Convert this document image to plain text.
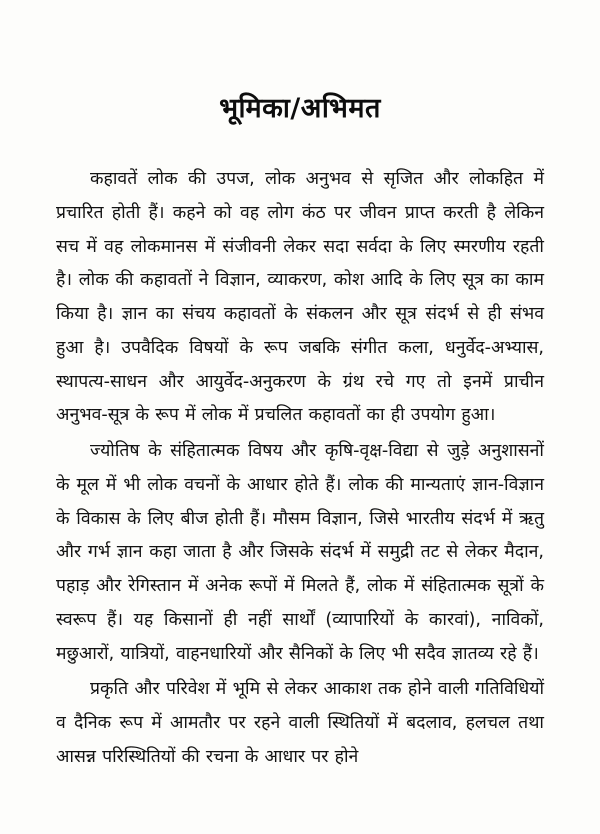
भूमिका/अभिमत

कहावतें लोक की उपज, लोक अनुभव से सृजित और लोकहित में प्रचारित होती हैं। कहने को वह लोग कंठ पर जीवन प्राप्त करती है लेकिन सच में वह लोकमानस में संजीवनी लेकर सदा सर्वदा के लिए स्मरणीय रहती है। लोक की कहावतों ने विज्ञान, व्याकरण, कोश आदि के लिए सूत्र का काम किया है। ज्ञान का संचय कहावतों के संकलन और सूत्र संदर्भ से ही संभव हुआ है। उपवैदिक विषयों के रूप जबकि संगीत कला, धनुर्वेद-अभ्यास, स्थापत्य-साधन और आयुर्वेद-अनुकरण के ग्रंथ रचे गए तो इनमें प्राचीन अनुभव-सूत्र के रूप में लोक में प्रचलित कहावतों का ही उपयोग हुआ।

ज्योतिष के संहितात्मक विषय और कृषि-वृक्ष-विद्या से जुड़े अनुशासनों के मूल में भी लोक वचनों के आधार होते हैं। लोक की मान्यताएं ज्ञान-विज्ञान के विकास के लिए बीज होती हैं। मौसम विज्ञान, जिसे भारतीय संदर्भ में ऋतु और गर्भ ज्ञान कहा जाता है और जिसके संदर्भ में समुद्री तट से लेकर मैदान, पहाड़ और रेगिस्तान में अनेक रूपों में मिलते हैं, लोक में संहितात्मक सूत्रों के स्वरूप हैं। यह किसानों ही नहीं सार्थों (व्यापारियों के कारवां), नाविकों, मछुआरों, यात्रियों, वाहनधारियों और सैनिकों के लिए भी सदैव ज्ञातव्य रहे हैं।

प्रकृति और परिवेश में भूमि से लेकर आकाश तक होने वाली गतिविधियों व दैनिक रूप में आमतौर पर रहने वाली स्थितियों में बदलाव, हलचल तथा आसन्न परिस्थितियों की रचना के आधार पर होने
